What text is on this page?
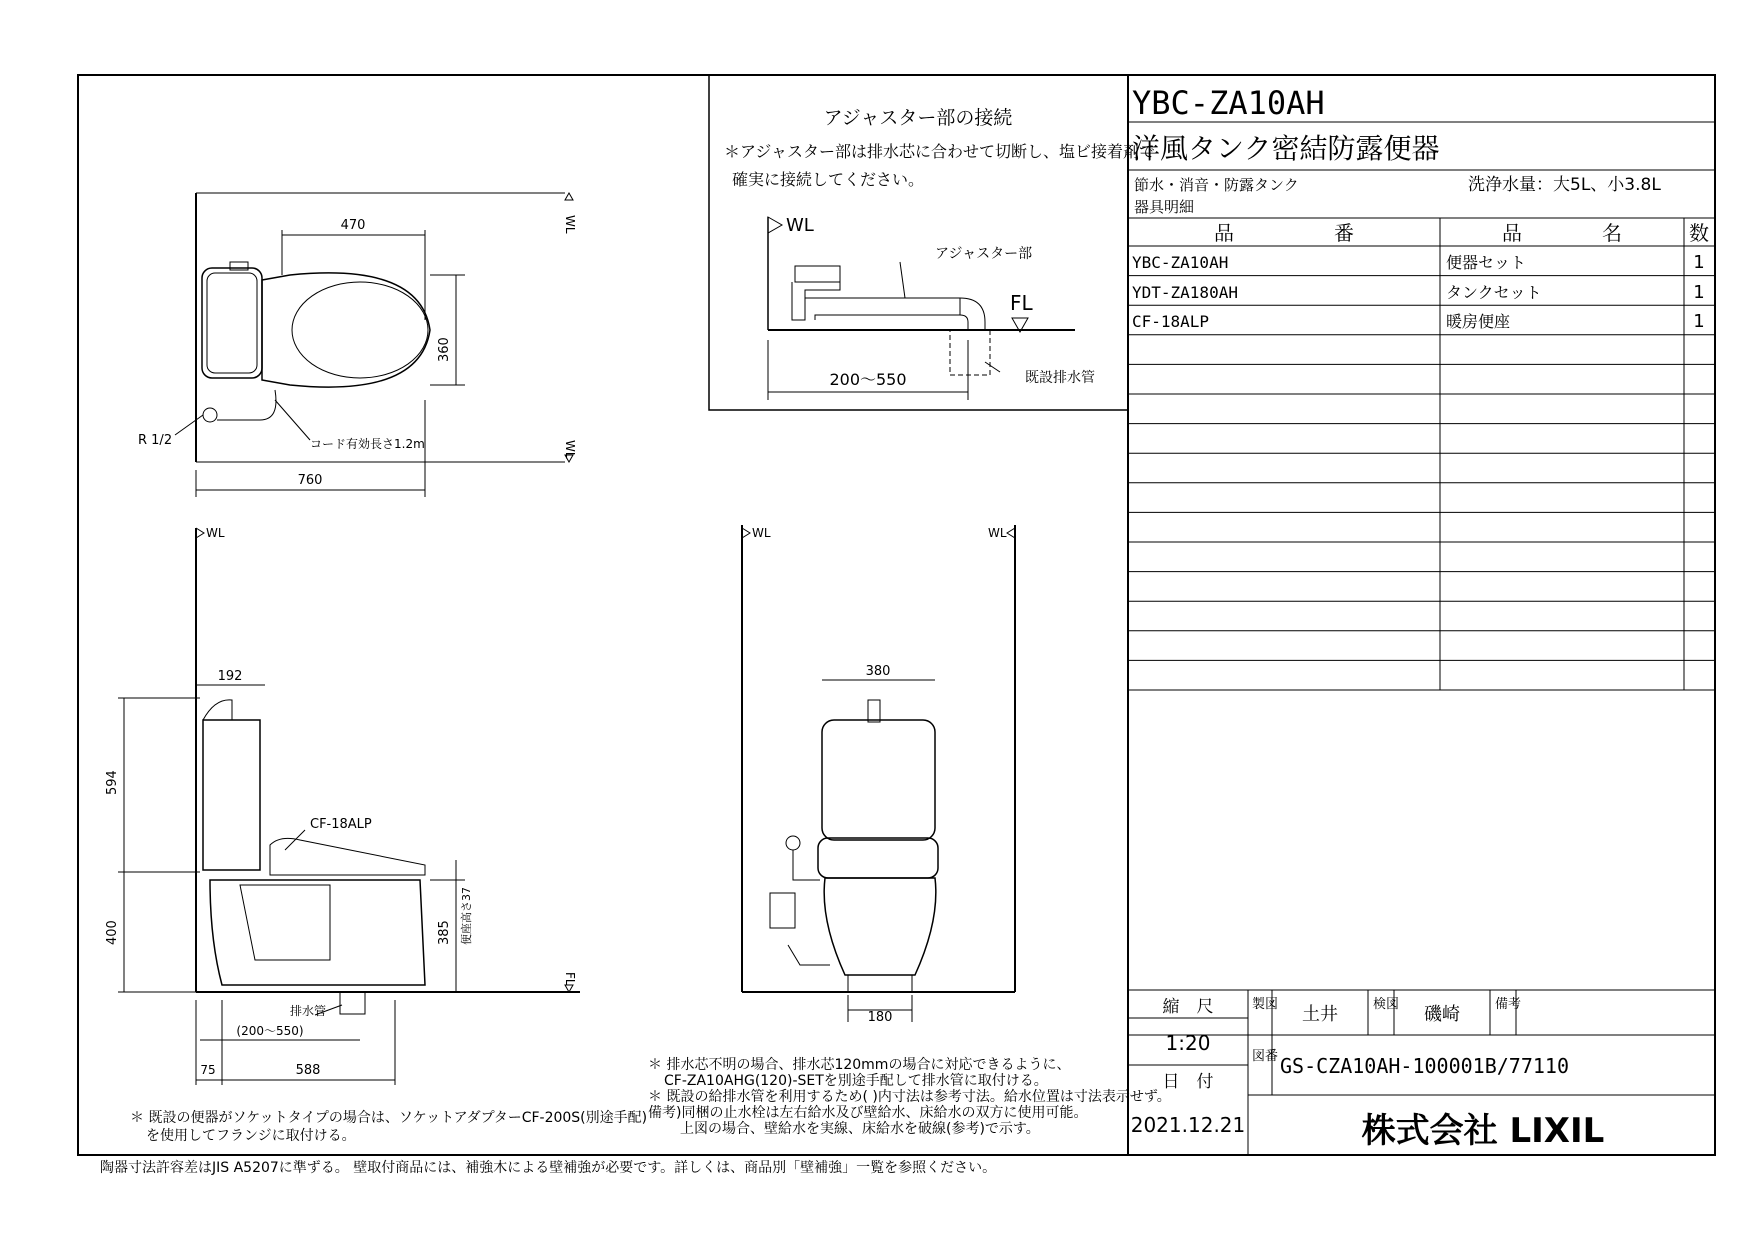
アジャスター部の接続
＊アジャスター部は排水芯に合わせて切断し、塩ビ接着剤で
確実に接続してください。
WL
FL
アジャスター部
既設排水管
200～550
WL
WL
470
360
760
R 1/2	コード有効長さ1.2m
WL
FL
CF-18ALP
排水管
192
594
400	385 便座高さ37
(200～550)
75	588
WL	WL
380
180
YBC-ZA10AH
洋風タンク密結防露便器
節水・消音・防露タンク	洗浄水量：大5L、小3.8L
器具明細
品　　　　　番	品　　　　名	数
YBC-ZA10AH	便器セット	1
YDT-ZA180AH	タンクセット	1
CF-18ALP	暖房便座	1
縮　尺
1:20
日　付
2021.12.21
製図 土井	検図 磯崎	備考
図番 GS-CZA10AH-100001B/77110
株式会社 LIXIL
＊ 既設の便器がソケットタイプの場合は、ソケットアダプターCF-200S(別途手配)
を使用してフランジに取付ける。
＊ 排水芯不明の場合、排水芯120mmの場合に対応できるように、
CF-ZA10AHG(120)-SETを別途手配して排水管に取付ける。
＊ 既設の給排水管を利用するため( )内寸法は参考寸法。給水位置は寸法表示せず。
備考)同梱の止水栓は左右給水及び壁給水、床給水の双方に使用可能。
上図の場合、壁給水を実線、床給水を破線(参考)で示す。
陶器寸法許容差はJIS A5207に準ずる。 壁取付商品には、補強木による壁補強が必要です。詳しくは、商品別「壁補強」一覧を参照ください。
